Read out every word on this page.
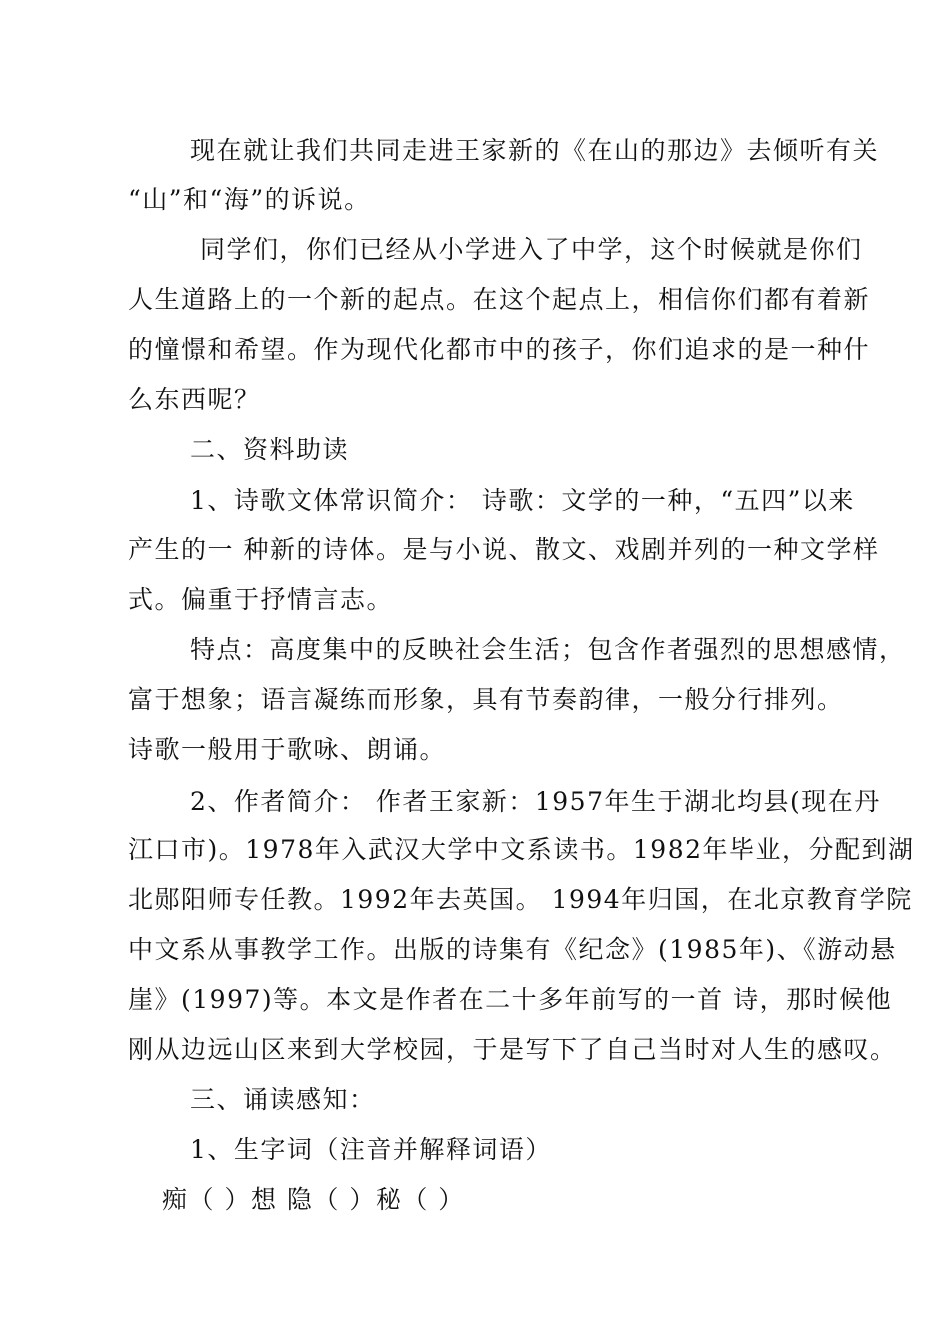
现在就让我们共同走进王家新的《在山的那边》去倾听有关
“山”和“海”的诉说。
同学们，你们已经从小学进入了中学，这个时候就是你们
人生道路上的一个新的起点。在这个起点上，相信你们都有着新
的憧憬和希望。作为现代化都市中的孩子，你们追求的是一种什
么东西呢？
二、资料助读
1、诗歌文体常识简介： 诗歌：文学的一种，“五四”以来
产生的一 种新的诗体。是与小说、散文、戏剧并列的一种文学样
式。偏重于抒情言志。
特点：高度集中的反映社会生活；包含作者强烈的思想感情，
富于想象；语言凝练而形象，具有节奏韵律，一般分行排列。
诗歌一般用于歌咏、朗诵。
2、作者简介： 作者王家新：1957年生于湖北均县(现在丹
江口市)。1978年入武汉大学中文系读书。1982年毕业，分配到湖
北郧阳师专任教。1992年去英国。 1994年归国，在北京教育学院
中文系从事教学工作。出版的诗集有《纪念》(1985年)、《游动悬
崖》(1997)等。本文是作者在二十多年前写的一首 诗，那时候他
刚从边远山区来到大学校园，于是写下了自己当时对人生的感叹。
三、诵读感知：
1、生字词（注音并解释词语）
痴（ ）想 隐（ ）秘（ ）
